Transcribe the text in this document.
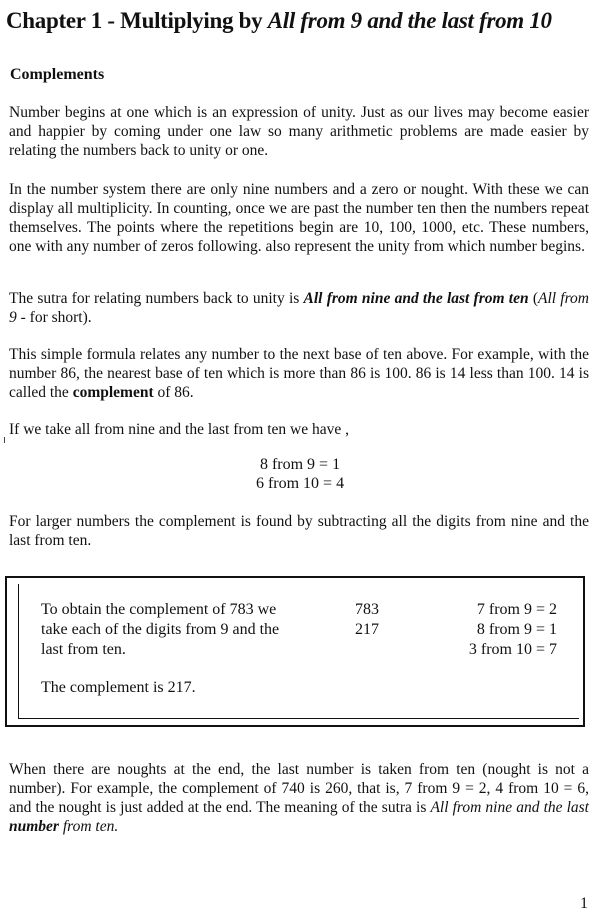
Chapter 1 - Multiplying by All from 9 and the last from 10
Complements

Number begins at one which is an expression of unity. Just as our lives may become easier and happier by coming under one law so many arithmetic problems are made easier by relating the numbers back to unity or one.

In the number system there are only nine numbers and a zero or nought. With these we can display all multiplicity. In counting, once we are past the number ten then the numbers repeat themselves. The points where the repetitions begin are 10, 100, 1000, etc. These numbers, one with any number of zeros following. also represent the unity from which number begins.

The sutra for relating numbers back to unity is All from nine and the last from ten (All from 9 - for short).

This simple formula relates any number to the next base of ten above. For example, with the number 86, the nearest base of ten which is more than 86 is 100. 86 is 14 less than 100. 14 is called the complement of 86.

If we take all from nine and the last from ten we have ,

8 from 9 = 1
6 from 10 = 4

For larger numbers the complement is found by subtracting all the digits from nine and the last from ten.

To obtain the complement of 783 we
take each of the digits from 9 and the
last from ten.
783
217
7 from 9 = 2
8 from 9 = 1
3 from 10 = 7
The complement is 217.

When there are noughts at the end, the last number is taken from ten (nought is not a number). For example, the complement of 740 is 260, that is, 7 from 9 = 2, 4 from 10 = 6, and the nought is just added at the end. The meaning of the sutra is All from nine and the last number from ten.

1
